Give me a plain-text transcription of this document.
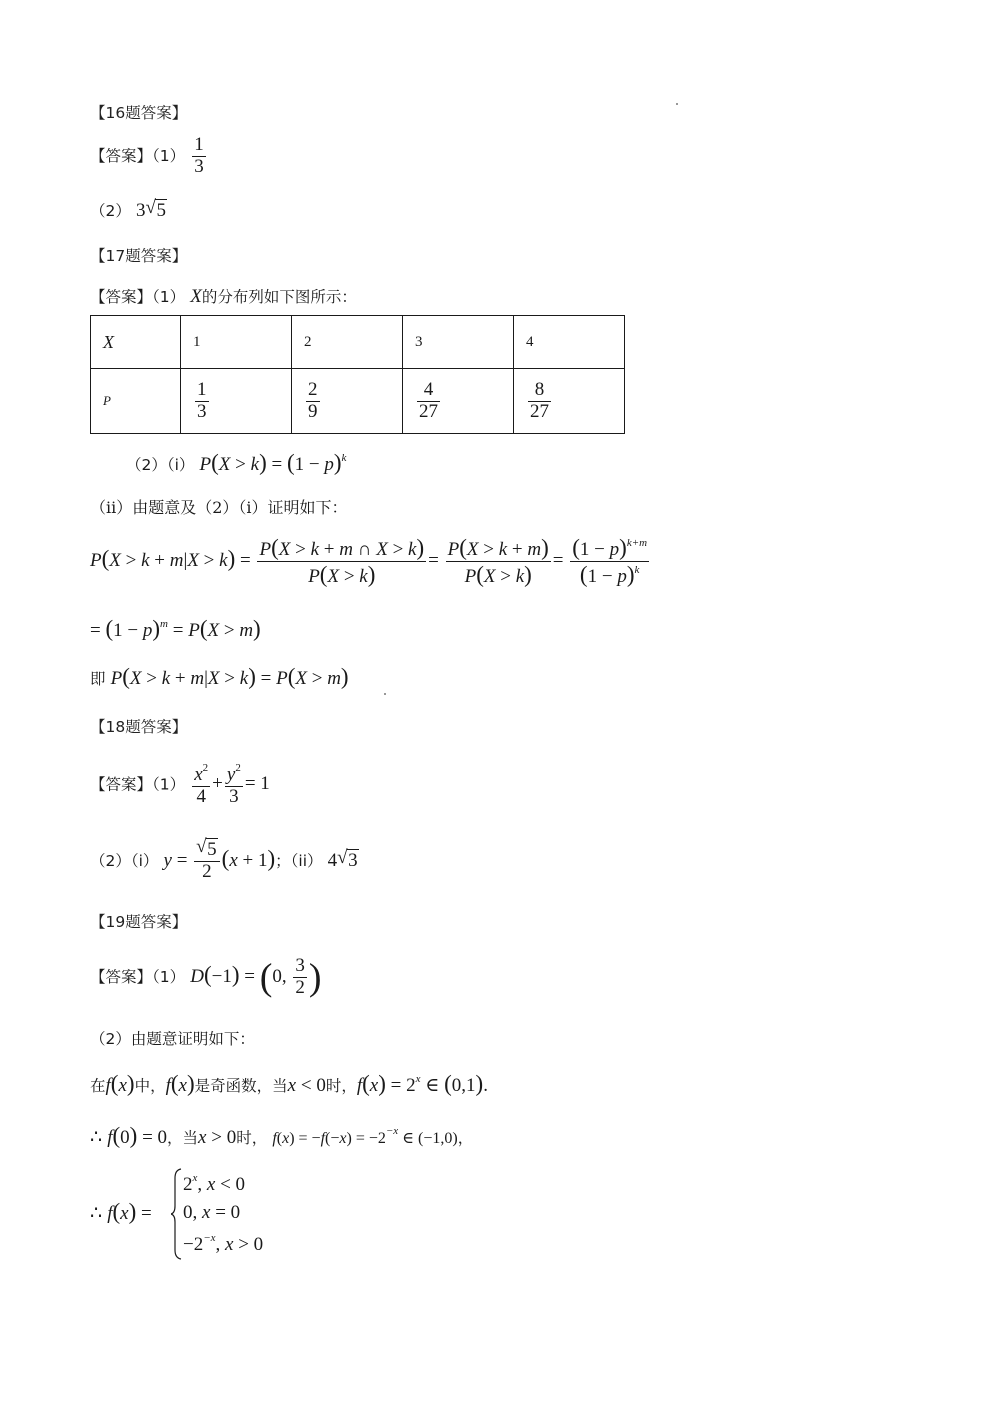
【16题答案】
【答案】$(1) \frac{1}{3}$
（2） 3 √ 5
【17题答案】
【答案】（1） X的分布列如下图所示：
X	1	2	3	4
P	$\frac{1}{3}$	$\frac{2}{9}$	$\frac{4}{27}$	$\frac{8}{27}$
（2）（i） $P(X > k) = (1 - p)^k$
（ii）由题意及（2）（i）证明如下：
$P(X > k + m|X > k) = \frac{P(X > k + m \cap X > k)}{P(X > k)} = \frac{P(X > k + m)}{P(X > k)} = \frac{(1 - p)^{k+m}}{(1 - p)^k}$
= $(1 - p)^m = P(X > m)$
即 P(X > k + m|X > k) = P(X > m)
【18题答案】
【答案】$(1) \frac{x^2}{4} + \frac{y^2}{3} = 1$
（2）（i） $y = \frac{√ 5}{2} (x + 1)$；（ii） 4 √ 3
【19题答案】
【答案】（1） D(−1) = (0, $\frac{3}{2}$ )
（2）由题意证明如下：
在f(x)中，f(x)是奇函数，当x < 0时，$f(x) = 2^x$ ∈ (0,1).
∴ f(0) = 0，当x > 0时， $f(x) = -f(-x) = -2^{-x}$ ∈ (−1,0)，
∴ f(x) =
$2^x$, x < 0
0, x = 0
$-2^{-x}$, x > 0
